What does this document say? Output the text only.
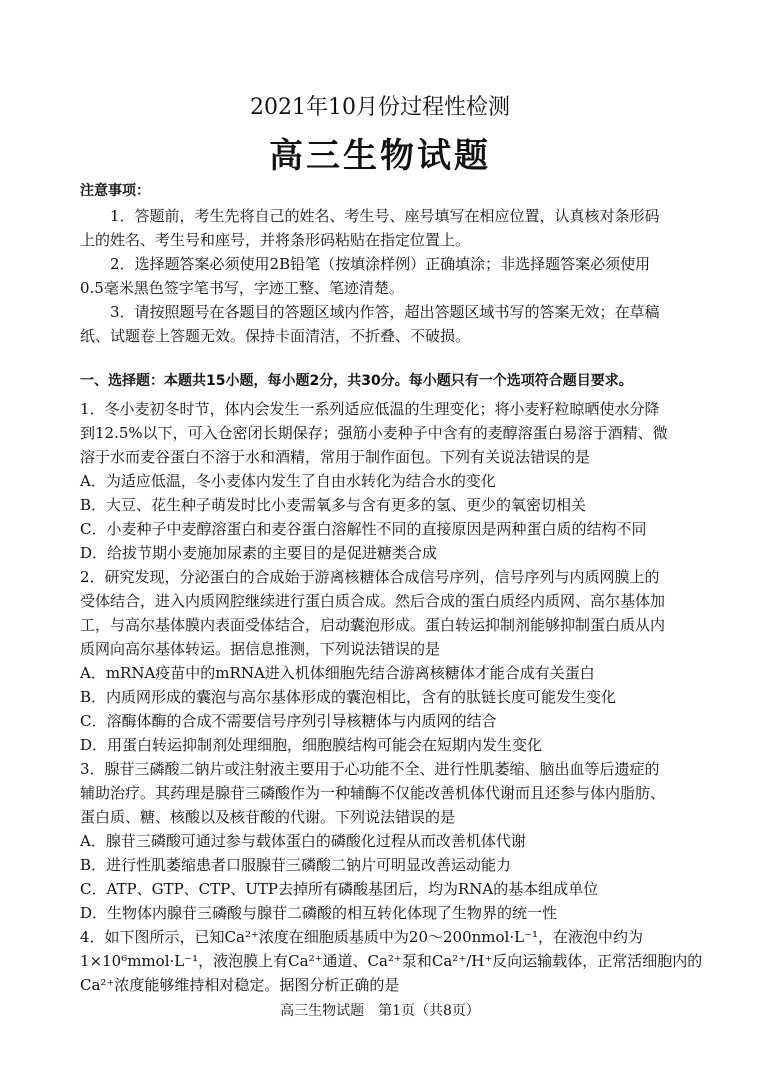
2021年10月份过程性检测
高三生物试题
注意事项：
1．答题前，考生先将自己的姓名、考生号、座号填写在相应位置，认真核对条形码
上的姓名、考生号和座号，并将条形码粘贴在指定位置上。
2．选择题答案必须使用2B铅笔（按填涂样例）正确填涂；非选择题答案必须使用
0.5毫米黑色签字笔书写，字迹工整、笔迹清楚。
3．请按照题号在各题目的答题区域内作答，超出答题区域书写的答案无效；在草稿
纸、试题卷上答题无效。保持卡面清洁，不折叠、不破损。
一、选择题：本题共15小题，每小题2分，共30分。每小题只有一个选项符合题目要求。
1．冬小麦初冬时节，体内会发生一系列适应低温的生理变化；将小麦籽粒晾晒使水分降
到12.5%以下，可入仓密闭长期保存；强筋小麦种子中含有的麦醇溶蛋白易溶于酒精、微
溶于水而麦谷蛋白不溶于水和酒精，常用于制作面包。下列有关说法错误的是
A．为适应低温，冬小麦体内发生了自由水转化为结合水的变化
B．大豆、花生种子萌发时比小麦需氧多与含有更多的氢、更少的氧密切相关
C．小麦种子中麦醇溶蛋白和麦谷蛋白溶解性不同的直接原因是两种蛋白质的结构不同
D．给拔节期小麦施加尿素的主要目的是促进糖类合成
2．研究发现，分泌蛋白的合成始于游离核糖体合成信号序列，信号序列与内质网膜上的
受体结合，进入内质网腔继续进行蛋白质合成。然后合成的蛋白质经内质网、高尔基体加
工，与高尔基体膜内表面受体结合，启动囊泡形成。蛋白转运抑制剂能够抑制蛋白质从内
质网向高尔基体转运。据信息推测，下列说法错误的是
A．mRNA疫苗中的mRNA进入机体细胞先结合游离核糖体才能合成有关蛋白
B．内质网形成的囊泡与高尔基体形成的囊泡相比，含有的肽链长度可能发生变化
C．溶酶体酶的合成不需要信号序列引导核糖体与内质网的结合
D．用蛋白转运抑制剂处理细胞，细胞膜结构可能会在短期内发生变化
3．腺苷三磷酸二钠片或注射液主要用于心功能不全、进行性肌萎缩、脑出血等后遗症的
辅助治疗。其药理是腺苷三磷酸作为一种辅酶不仅能改善机体代谢而且还参与体内脂肪、
蛋白质、糖、核酸以及核苷酸的代谢。下列说法错误的是
A．腺苷三磷酸可通过参与载体蛋白的磷酸化过程从而改善机体代谢
B．进行性肌萎缩患者口服腺苷三磷酸二钠片可明显改善运动能力
C．ATP、GTP、CTP、UTP去掉所有磷酸基团后，均为RNA的基本组成单位
D．生物体内腺苷三磷酸与腺苷二磷酸的相互转化体现了生物界的统一性
4．如下图所示，已知Ca²⁺浓度在细胞质基质中为20～200nmol·L⁻¹，在液泡中约为
1×10⁶mmol·L⁻¹，液泡膜上有Ca²⁺通道、Ca²⁺泵和Ca²⁺/H⁺反向运输载体，正常活细胞内的
Ca²⁺浓度能够维持相对稳定。据图分析正确的是
高三生物试题　第1页（共8页）
